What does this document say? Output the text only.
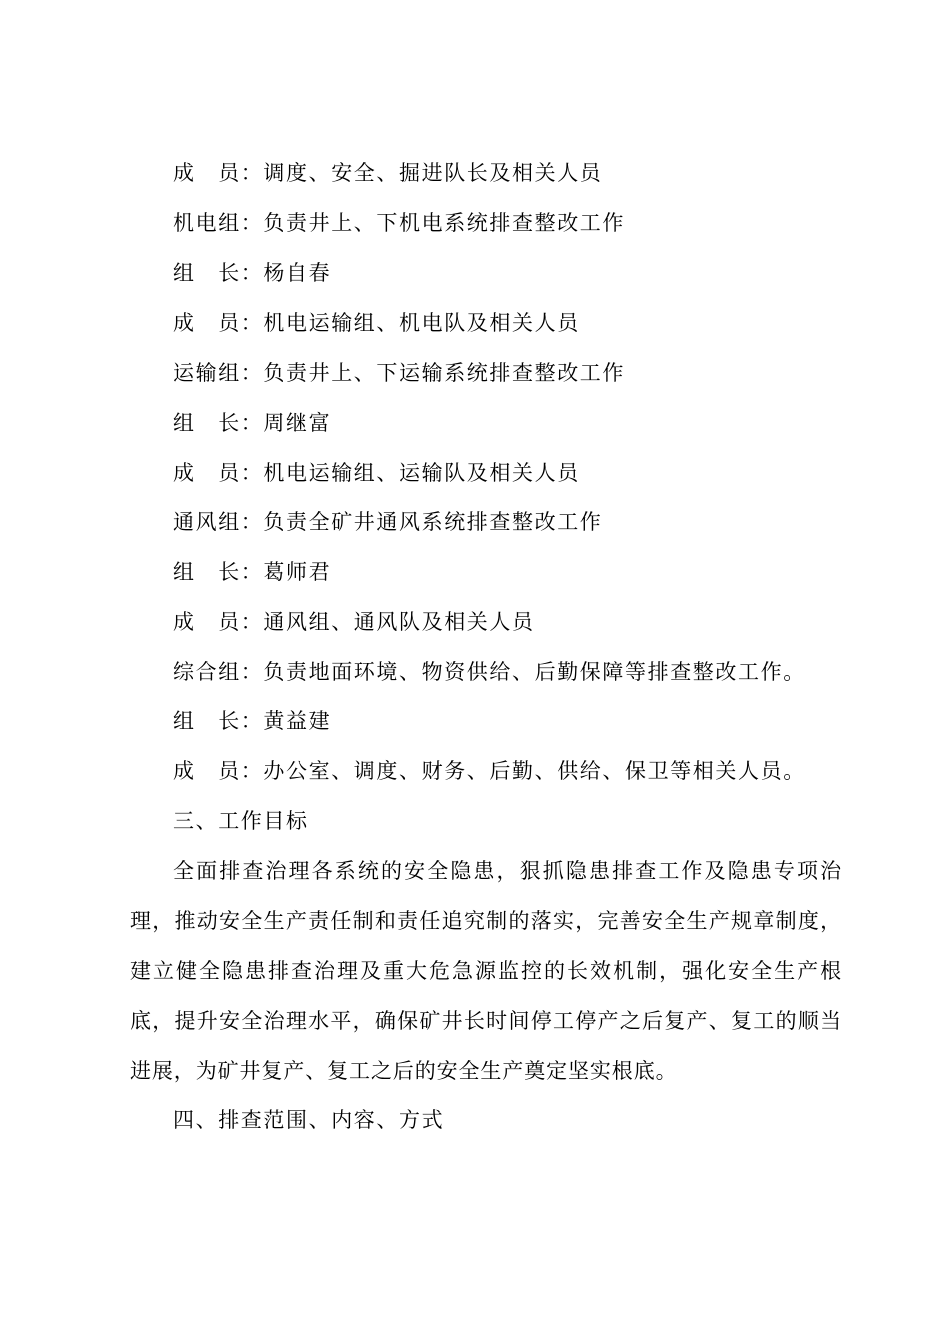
成　员：调度、安全、掘进队长及相关人员
机电组：负责井上、下机电系统排查整改工作
组　长：杨自春
成　员：机电运输组、机电队及相关人员
运输组：负责井上、下运输系统排查整改工作
组　长：周继富
成　员：机电运输组、运输队及相关人员
通风组：负责全矿井通风系统排查整改工作
组　长：葛师君
成　员：通风组、通风队及相关人员
综合组：负责地面环境、物资供给、后勤保障等排查整改工作。
组　长：黄益建
成　员：办公室、调度、财务、后勤、供给、保卫等相关人员。
三、工作目标
全面排查治理各系统的安全隐患，狠抓隐患排查工作及隐患专项治理，推动安全生产责任制和责任追究制的落实，完善安全生产规章制度，建立健全隐患排查治理及重大危急源监控的长效机制，强化安全生产根底，提升安全治理水平，确保矿井长时间停工停产之后复产、复工的顺当进展，为矿井复产、复工之后的安全生产奠定坚实根底。
四、排查范围、内容、方式
